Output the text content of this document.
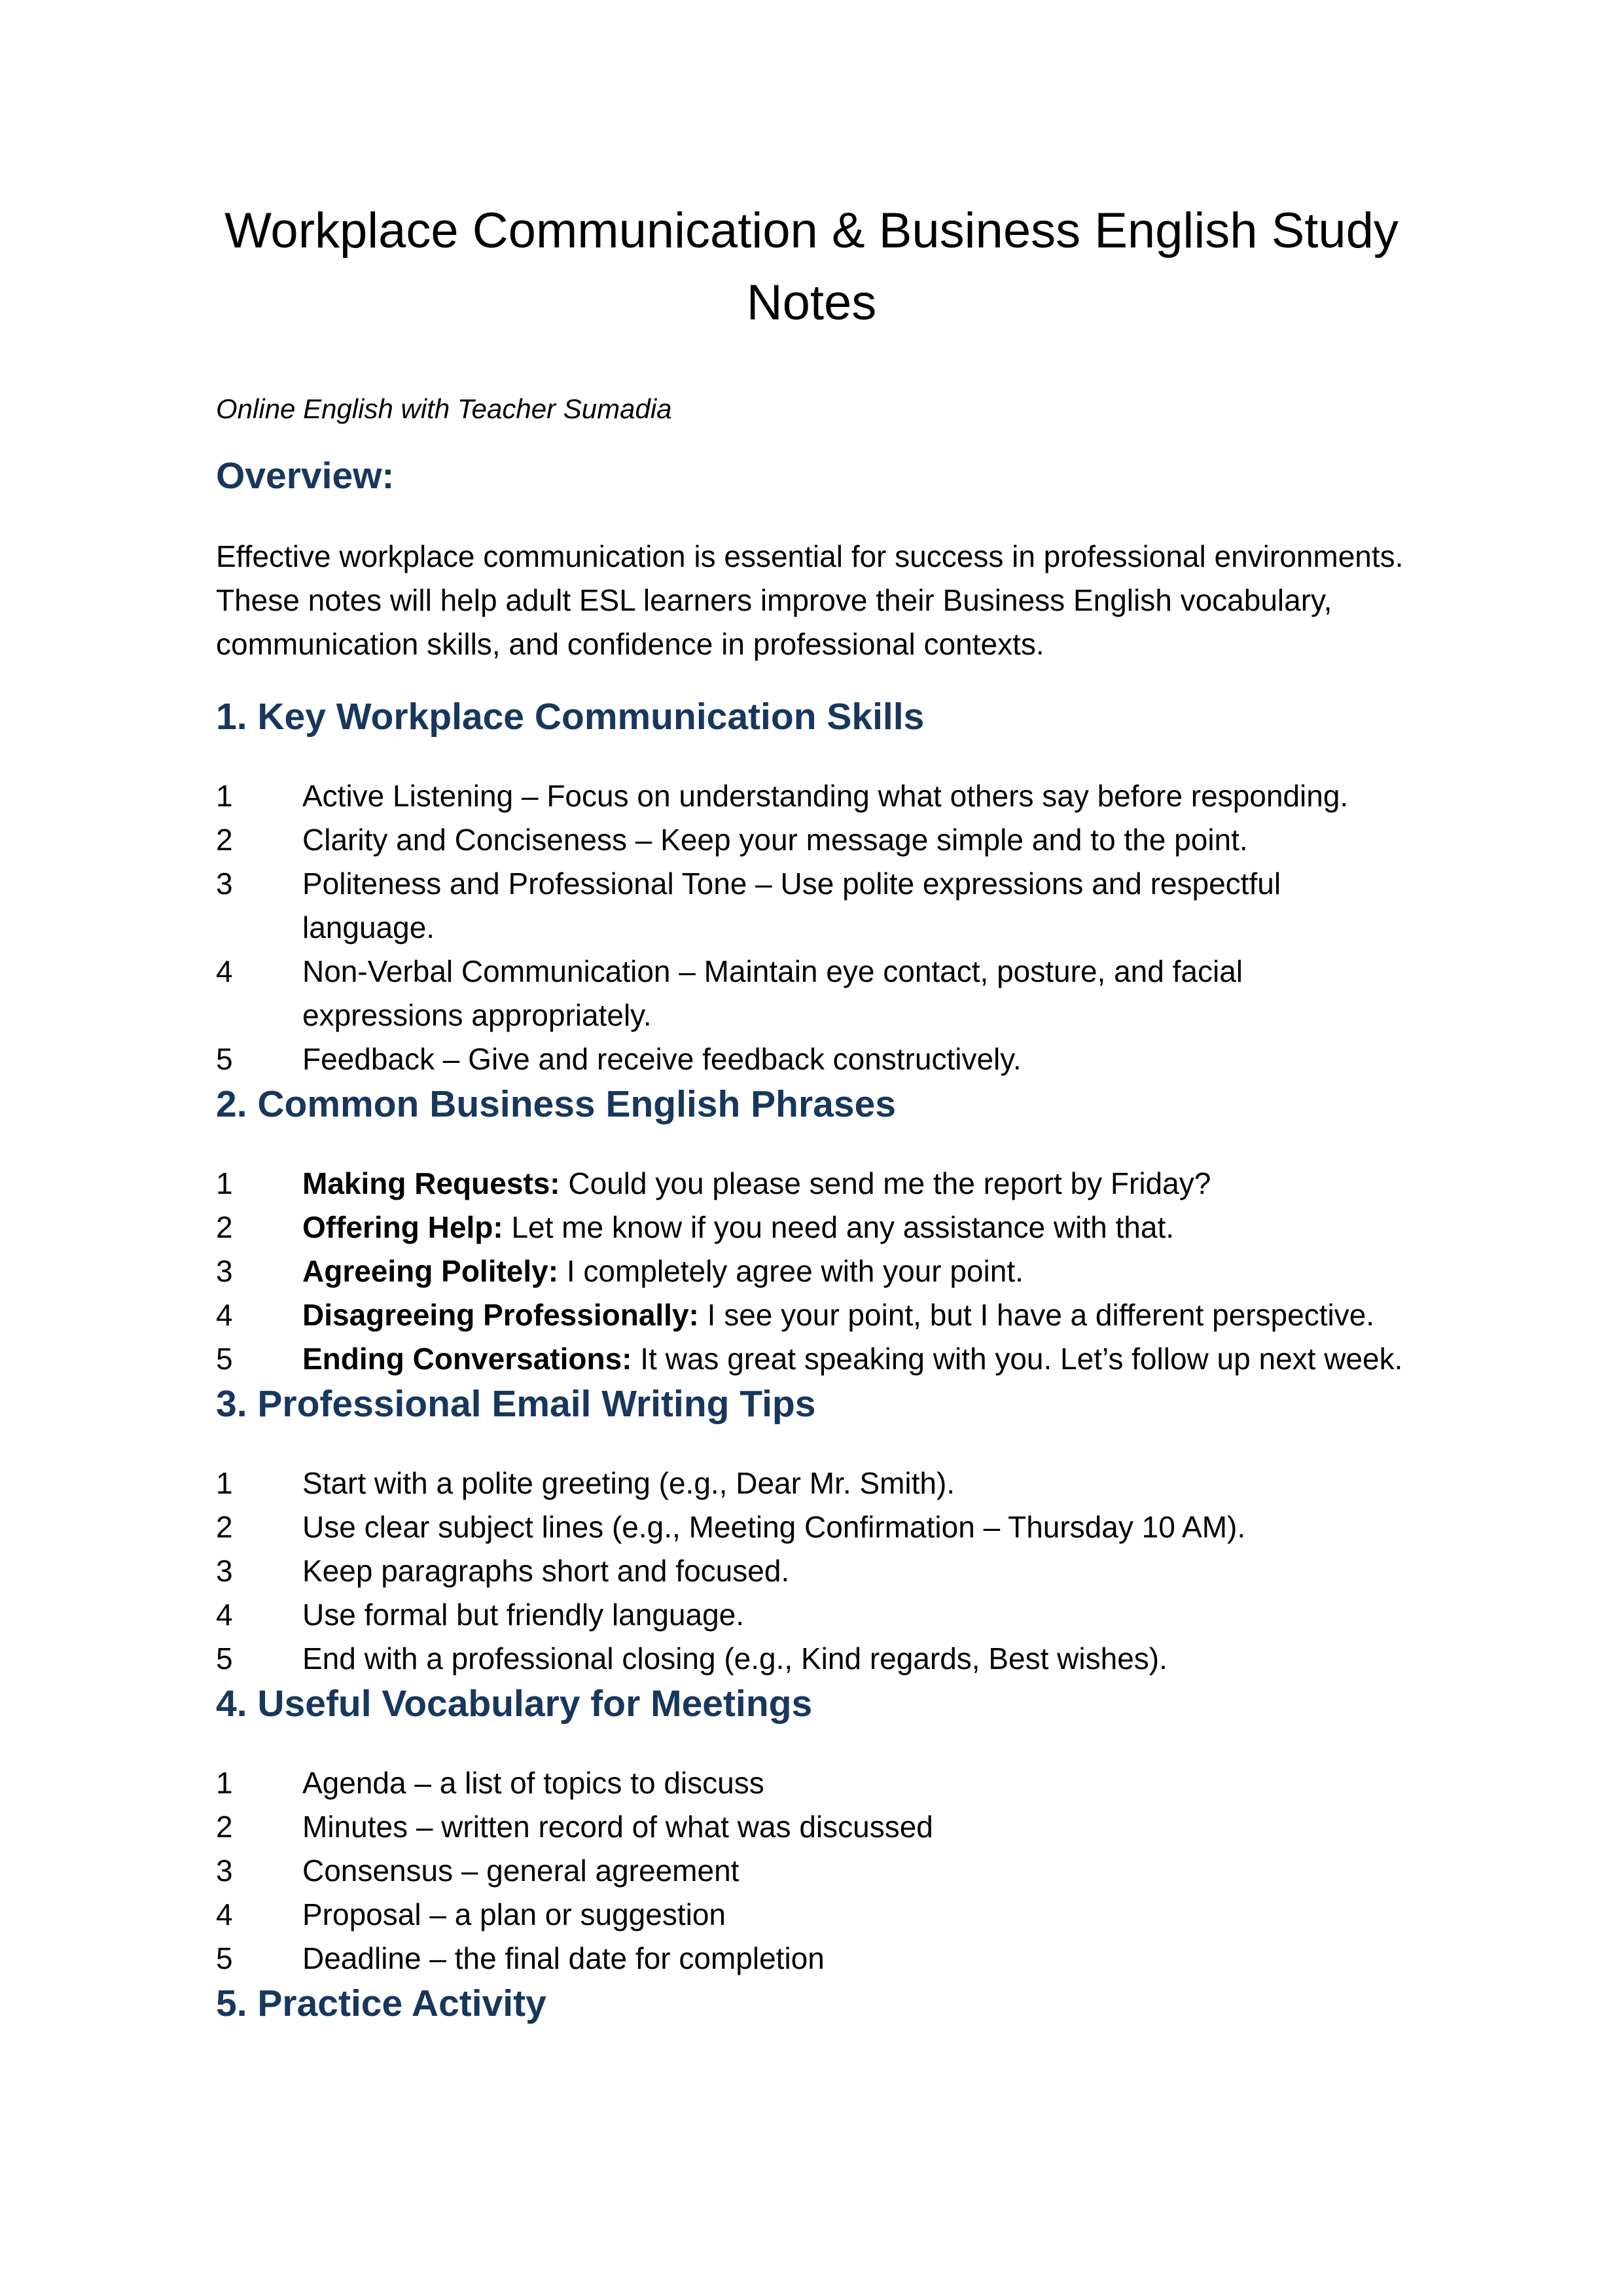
Workplace Communication & Business English Study Notes

Online English with Teacher Sumadia

Overview:

Effective workplace communication is essential for success in professional environments. These notes will help adult ESL learners improve their Business English vocabulary, communication skills, and confidence in professional contexts.

1. Key Workplace Communication Skills
1	Active Listening – Focus on understanding what others say before responding.
2	Clarity and Conciseness – Keep your message simple and to the point.
3	Politeness and Professional Tone – Use polite expressions and respectful language.
4	Non-Verbal Communication – Maintain eye contact, posture, and facial expressions appropriately.
5	Feedback – Give and receive feedback constructively.
2. Common Business English Phrases
1	Making Requests: Could you please send me the report by Friday?
2	Offering Help: Let me know if you need any assistance with that.
3	Agreeing Politely: I completely agree with your point.
4	Disagreeing Professionally: I see your point, but I have a different perspective.
5	Ending Conversations: It was great speaking with you. Let’s follow up next week.
3. Professional Email Writing Tips
1	Start with a polite greeting (e.g., Dear Mr. Smith).
2	Use clear subject lines (e.g., Meeting Confirmation – Thursday 10 AM).
3	Keep paragraphs short and focused.
4	Use formal but friendly language.
5	End with a professional closing (e.g., Kind regards, Best wishes).
4. Useful Vocabulary for Meetings
1	Agenda – a list of topics to discuss
2	Minutes – written record of what was discussed
3	Consensus – general agreement
4	Proposal – a plan or suggestion
5	Deadline – the final date for completion
5. Practice Activity
